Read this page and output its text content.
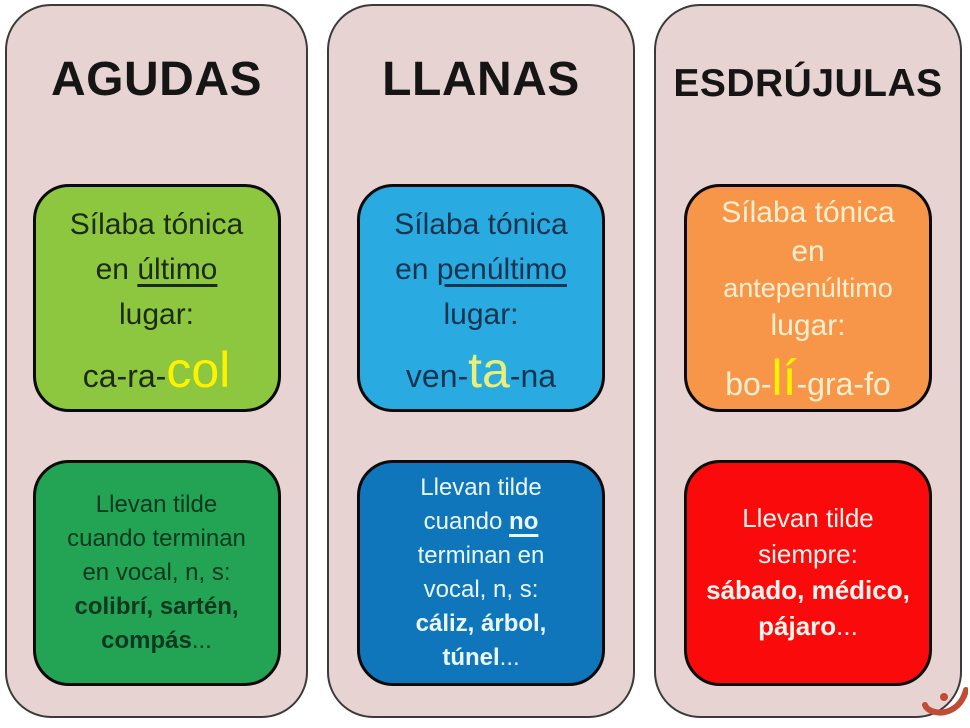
AGUDAS
Sílaba tónica
en último
lugar:
ca-ra-col
Llevan tilde
cuando terminan
en vocal, n, s:
colibrí, sartén,
compás...
LLANAS
Sílaba tónica
en penúltimo
lugar:
ven-ta-na
Llevan tilde
cuando no
terminan en
vocal, n, s:
cáliz, árbol,
túnel...
ESDRÚJULAS
Sílaba tónica
en
antepenúltimo
lugar:
bo-lí-gra-fo
Llevan tilde
siempre:
sábado, médico,
pájaro...
